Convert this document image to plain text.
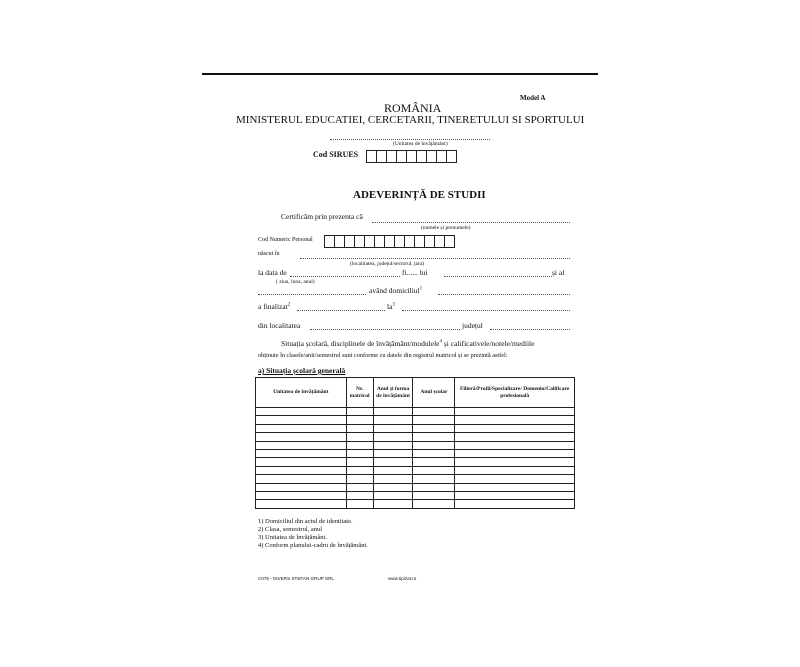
Model A
ROMÂNIA
MINISTERUL EDUCATIEI, CERCETARII, TINERETULUI SI SPORTULUI
(Unitatea de învățământ)
Cod SIRUES
ADEVERINȚĂ DE STUDII
Certificăm prin prezenta că
(numele și prenumele)
Cod Numeric Personal
născut în
(localitatea, județul/sectorul, țara)
la data de	fi...... lui	și al
( ziua, luna, anul)
având domiciliul$^1$
a finalizat$^2$	$la^3$
din localitatea	județul
Situația școlară, disciplinele de învățământ/modulele$^4$ și calificativele/notele/mediile
obținute în clasele/anii/semestrul sunt conforme cu datele din registrul matricol și se prezintă astfel:
a) Situația școlară generală
Unitatea de învățământ	Nr. matricol	Anul și forma de învățământ	Anul școlar	Filieră/Profil/Specializare/ Domeniu/Calificare profesională

1) Domiciliul din actul de identitate.
2) Clasa, semestrul, anul
3) Unitatea de învățământ.
4) Conform planului-cadru de învățământ.
C076 - DIVERS STEFAN GRUP SRL	www.tipizat.ro
